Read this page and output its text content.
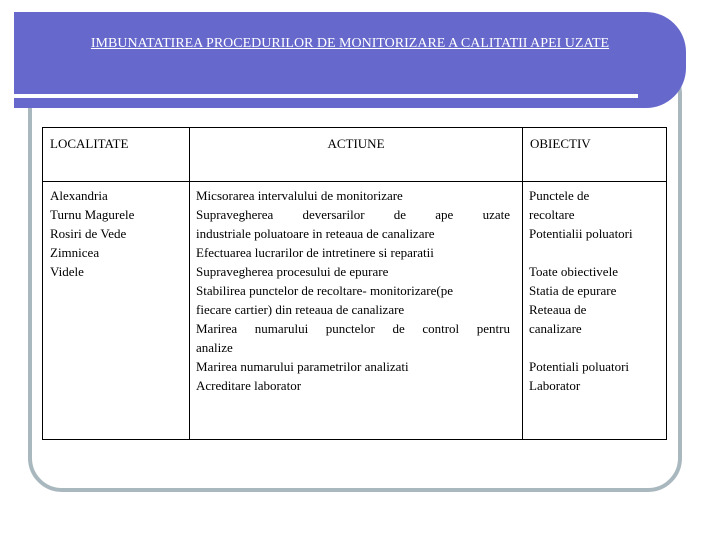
IMBUNATATIREA PROCEDURILOR DE MONITORIZARE A CALITATII APEI UZATE
LOCALITATE	ACTIUNE	OBIECTIV
Alexandria
Turnu Magurele
Rosiri de Vede
Zimnicea
Videle
Micsorarea intervalului de monitorizare
Supravegherea deversarilor de ape uzate
industriale poluatoare in reteaua de canalizare
Efectuarea lucrarilor de intretinere si reparatii
Supravegherea procesului de epurare
Stabilirea punctelor de recoltare- monitorizare(pe
fiecare cartier) din reteaua de canalizare
Marirea numarului punctelor de control pentru
analize
Marirea numarului parametrilor analizati
Acreditare laborator
Punctele de
recoltare
Potentialii poluatori
Toate obiectivele
Statia de epurare
Reteaua de
canalizare
Potentiali poluatori
Laborator
